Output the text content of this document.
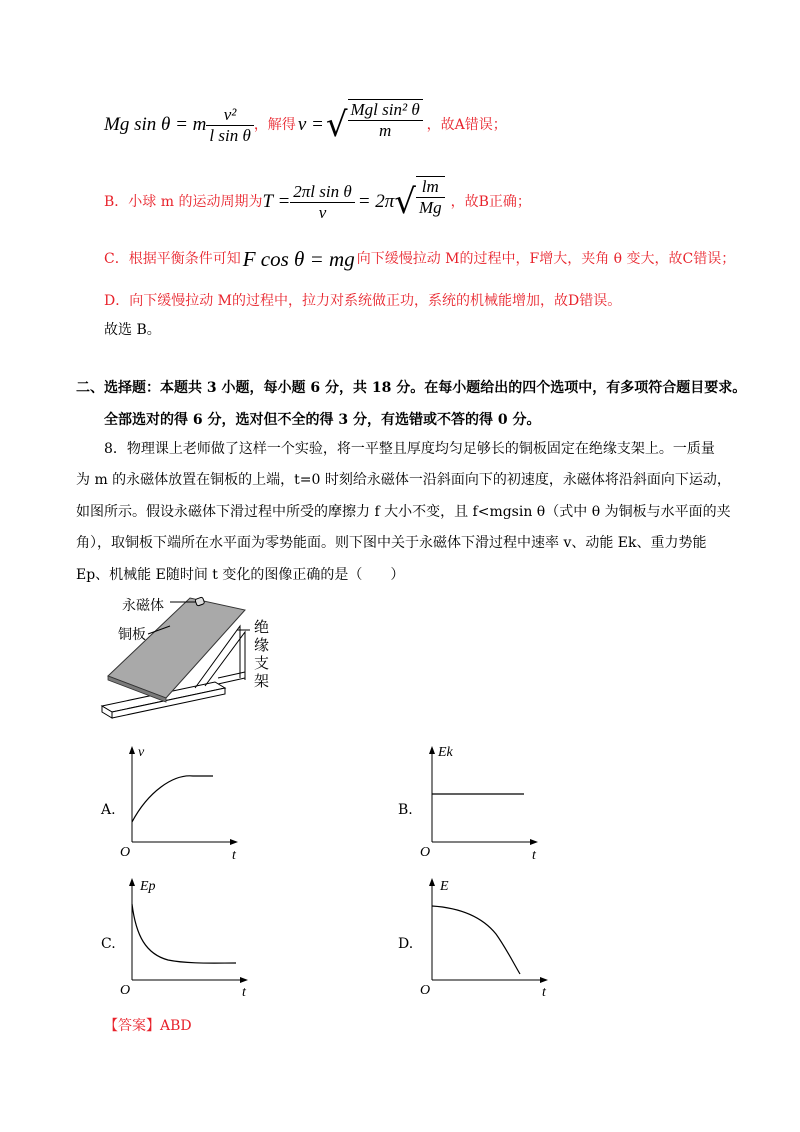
Mg sin θ = m $\frac{\text{v²}}{\text{l sin θ}}$ ，解得 v = √ $\frac{\text{Mgl sin² θ}}{m}$ ，故A错误；
B．小球 m 的运动周期为 $T = \frac{\text{2πl sin θ}}{v} = 2\pi$ √ $\frac{lm}{Mg}$ ，故B正确；
C．根据平衡条件可知 F cos θ = mg 向下缓慢拉动 M的过程中，F增大，夹角 θ 变大，故C错误；
D．向下缓慢拉动 M的过程中，拉力对系统做正功，系统的机械能增加，故D错误。
故选 B。
二、选择题：本题共 3 小题，每小题 6 分，共 18 分。在每小题给出的四个选项中，有多项符合题目要求。
全部选对的得 6 分，选对但不全的得 3 分，有选错或不答的得 0 分。
8．物理课上老师做了这样一个实验，将一平整且厚度均匀足够长的铜板固定在绝缘支架上。一质量
为 m 的永磁体放置在铜板的上端，t=0 时刻给永磁体一沿斜面向下的初速度，永磁体将沿斜面向下运动，
如图所示。假设永磁体下滑过程中所受的摩擦力 f 大小不变，且 f<mgsin θ（式中 θ 为铜板与水平面的夹
角），取铜板下端所在水平面为零势能面。则下图中关于永磁体下滑过程中速率 v、动能 Ek、重力势能
Ep、机械能 E随时间 t 变化的图像正确的是（　　）
永磁体
铜板	绝
缘
支
架
A.
v
t
O
B.
Ek
t
O
C.
Ep
t
O
D.
E
t
O
【答案】ABD
